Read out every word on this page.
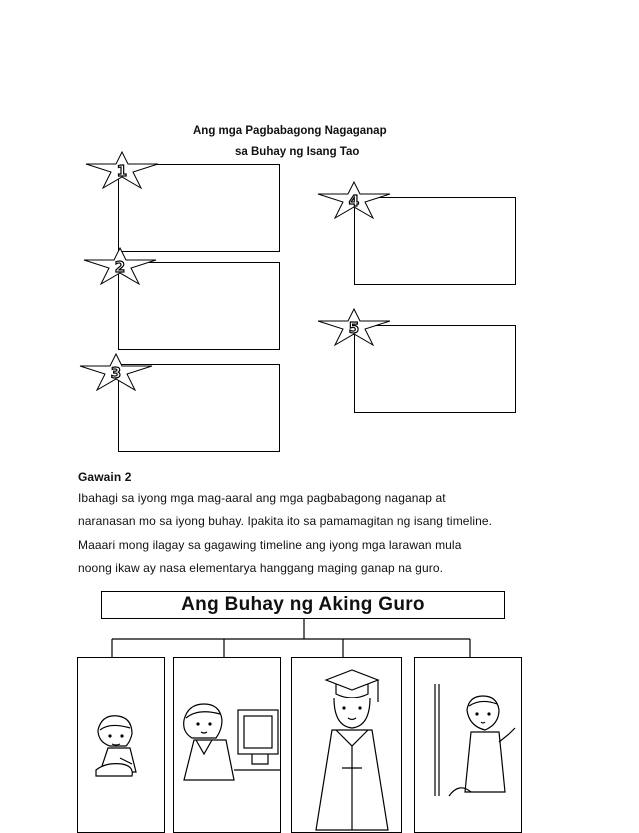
Ang mga Pagbabagong Nagaganap
sa Buhay ng Isang Tao
1
2
3
4
5
Gawain 2
Ibahagi sa iyong mga mag-aaral ang mga pagbabagong naganap at
naranasan mo sa iyong buhay. Ipakita ito sa pamamagitan ng isang timeline.
Maaari mong ilagay sa gagawing timeline ang iyong mga larawan mula
noong ikaw ay nasa elementarya hanggang maging ganap na guro.
Ang Buhay ng Aking Guro
